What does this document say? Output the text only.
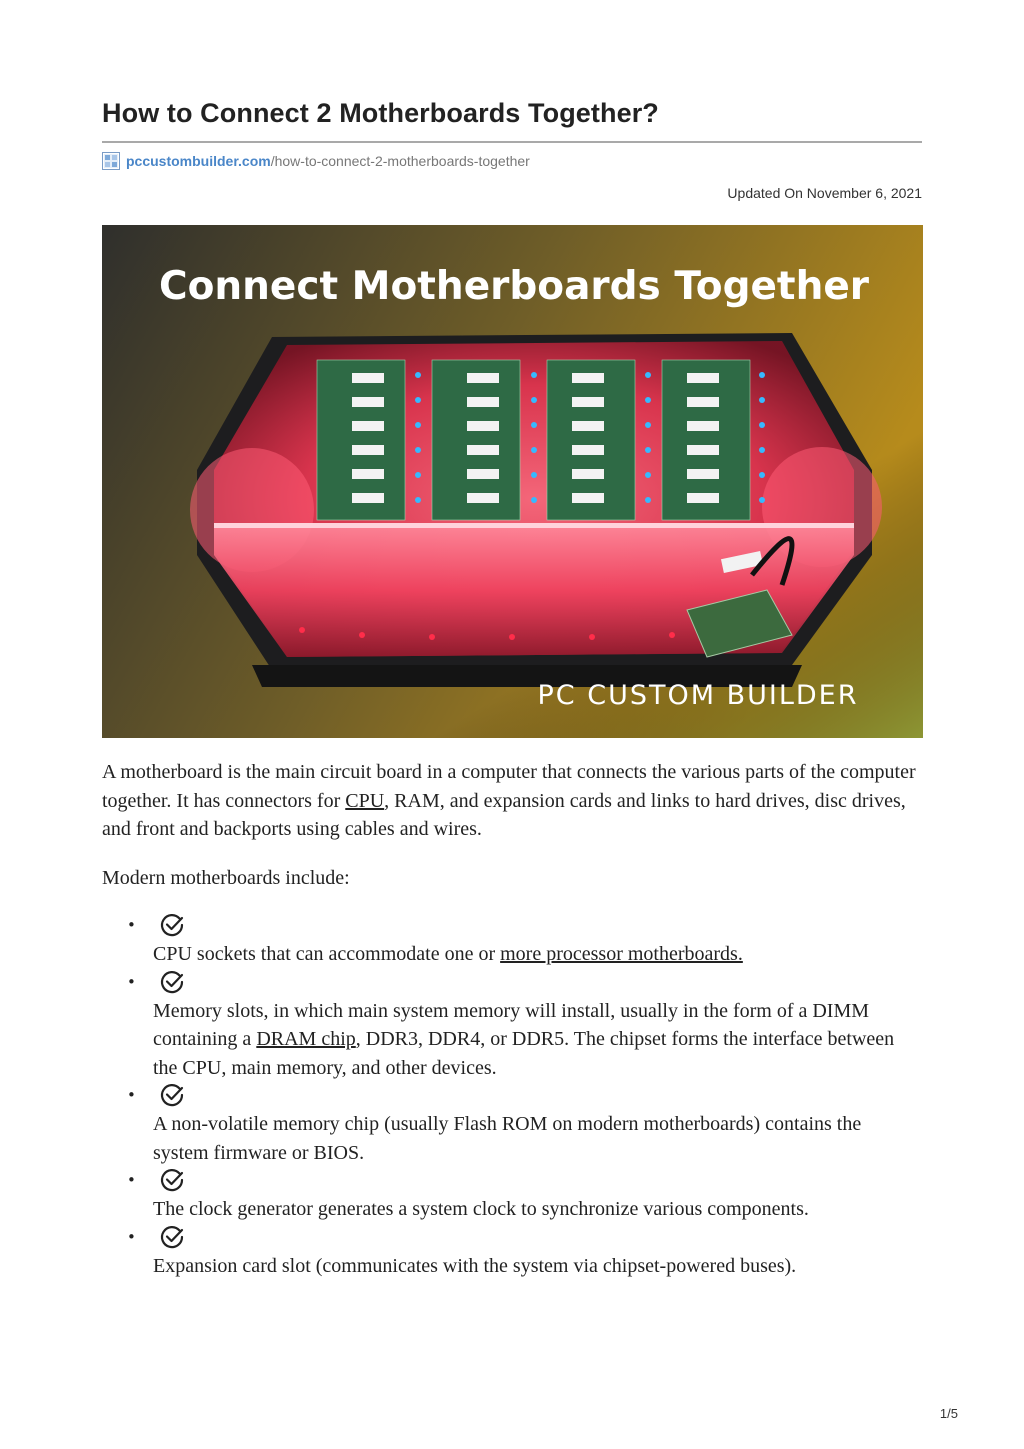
How to Connect 2 Motherboards Together?
pccustombuilder.com /how-to-connect-2-motherboards-together
Updated On November 6, 2021
Connect Motherboards Together
PC CUSTOM BUILDER

A motherboard is the main circuit board in a computer that connects the various parts of the computer together. It has connectors for CPU, RAM, and expansion cards and links to hard drives, disc drives, and front and backports using cables and wires.

Modern motherboards include:

•
CPU sockets that can accommodate one or more processor motherboards.
•
Memory slots, in which main system memory will install, usually in the form of a DIMM containing a DRAM chip, DDR3, DDR4, or DDR5. The chipset forms the interface between the CPU, main memory, and other devices.
•
A non-volatile memory chip (usually Flash ROM on modern motherboards) contains the system firmware or BIOS.
•
The clock generator generates a system clock to synchronize various components.
•
Expansion card slot (communicates with the system via chipset-powered buses).
1/5
